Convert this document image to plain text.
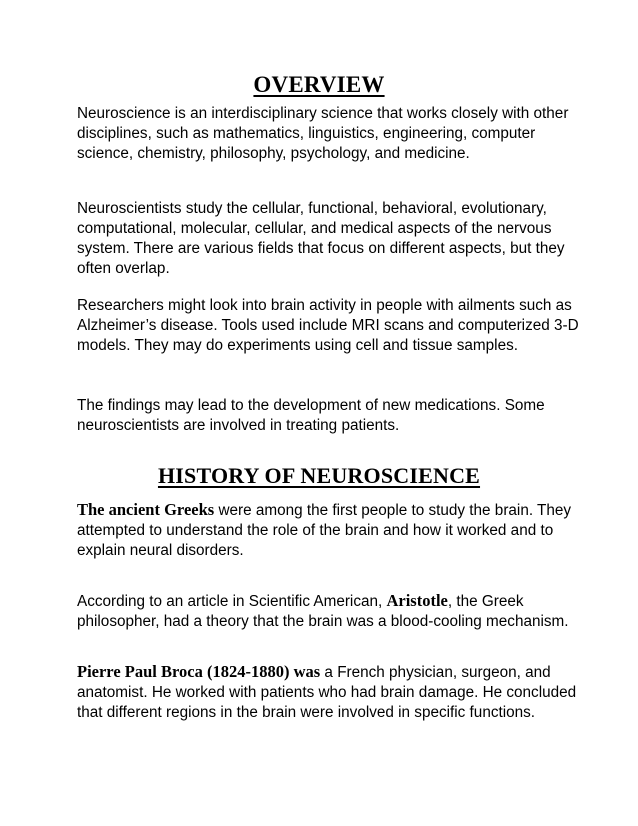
OVERVIEW

Neuroscience is an interdisciplinary science that works closely with other
disciplines, such as mathematics, linguistics, engineering, computer
science, chemistry, philosophy, psychology, and medicine.

Neuroscientists study the cellular, functional, behavioral, evolutionary,
computational, molecular, cellular, and medical aspects of the nervous
system. There are various fields that focus on different aspects, but they
often overlap.

Researchers might look into brain activity in people with ailments such as
Alzheimer’s disease. Tools used include MRI scans and computerized 3-D
models. They may do experiments using cell and tissue samples.

The findings may lead to the development of new medications. Some
neuroscientists are involved in treating patients.

HISTORY OF NEUROSCIENCE

The ancient Greeks were among the first people to study the brain. They
attempted to understand the role of the brain and how it worked and to
explain neural disorders.

According to an article in Scientific American, Aristotle, the Greek
philosopher, had a theory that the brain was a blood-cooling mechanism.

Pierre Paul Broca (1824-1880) was a French physician, surgeon, and
anatomist. He worked with patients who had brain damage. He concluded
that different regions in the brain were involved in specific functions.
